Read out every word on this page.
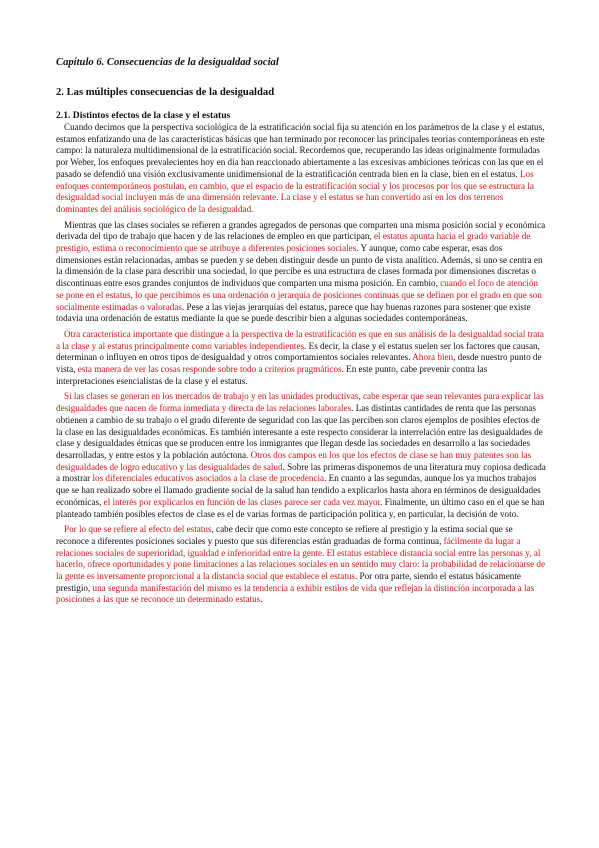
Capítulo 6. Consecuencias de la desigualdad social
2. Las múltiples consecuencias de la desigualdad
2.1. Distintos efectos de la clase y el estatus

Cuando decimos que la perspectiva sociológica de la estratificación social fija su atención en los parámetros de la clase y el estatus, estamos enfatizando una de las características básicas que han terminado por reconocer las principales teorías contemporáneas en este campo: la naturaleza multidimensional de la estratificación social. Recordemos que, recuperando las ideas originalmente formuladas por Weber, los enfoques prevalecientes hoy en día han reaccionado abiertamente a las excesivas ambiciones teóricas con las que en el pasado se defendió una visión exclusivamente unidimensional de la estratificación centrada bien en la clase, bien en el estatus. Los enfoques contemporáneos postulan, en cambio, que el espacio de la estratificación social y los procesos por los que se estructura la desigualdad social incluyen más de una dimensión relevante. La clase y el estatus se han convertido así en los dos terrenos dominantes del análisis sociológico de la desigualdad.

Mientras que las clases sociales se refieren a grandes agregados de personas que comparten una misma posición social y económica derivada del tipo de trabajo que hacen y de las relaciones de empleo en que participan, el estatus apunta hacia el grado variable de prestigio, estima o reconocimiento que se atribuye a diferentes posiciones sociales. Y aunque, como cabe esperar, esas dos dimensiones están relacionadas, ambas se pueden y se deben distinguir desde un punto de vista analítico. Además, si uno se centra en la dimensión de la clase para describir una sociedad, lo que percibe es una estructura de clases formada por dimensiones discretas o discontinuas entre esos grandes conjuntos de individuos que comparten una misma posición. En cambio, cuando el foco de atención se pone en el estatus, lo que percibimos es una ordenación o jerarquía de posiciones continuas que se definen por el grado en que son socialmente estimadas o valoradas. Pese a las viejas jerarquías del estatus, parece que hay buenas razones para sostener que existe todavía una ordenación de estatus mediante la que se puede describir bien a algunas sociedades contemporáneas.

Otra característica importante que distingue a la perspectiva de la estratificación es que en sus análisis de la desigualdad social trata a la clase y al estatus principalmente como variables independientes. Es decir, la clase y el estatus suelen ser los factores que causan, determinan o influyen en otros tipos de desigualdad y otros comportamientos sociales relevantes. Ahora bien, desde nuestro punto de vista, esta manera de ver las cosas responde sobre todo a criterios pragmáticos. En este punto, cabe prevenir contra las interpretaciones esencialistas de la clase y el estatus.

Si las clases se generan en los mercados de trabajo y en las unidades productivas, cabe esperar que sean relevantes para explicar las desigualdades que nacen de forma inmediata y directa de las relaciones laborales. Las distintas cantidades de renta que las personas obtienen a cambio de su trabajo o el grado diferente de seguridad con las que las perciben son claros ejemplos de posibles efectos de la clase en las desigualdades económicas. Es también interesante a este respecto considerar la interrelación entre las desigualdades de clase y desigualdades étnicas que se producen entre los inmigrantes que llegan desde las sociedades en desarrollo a las sociedades desarrolladas, y entre estos y la población autóctona. Otros dos campos en los que los efectos de clase se han muy patentes son las desigualdades de logro educativo y las desigualdades de salud. Sobre las primeras disponemos de una literatura muy copiosa dedicada a mostrar los diferenciales educativos asociados a la clase de procedencia. En cuanto a las segundas, aunque los ya muchos trabajos que se han realizado sobre el llamado gradiente social de la salud han tendido a explicarlos hasta ahora en términos de desigualdades económicas, el interés por explicarlos en función de las clases parece ser cada vez mayor. Finalmente, un último caso en el que se han planteado también posibles efectos de clase es el de varias formas de participación política y, en particular, la decisión de voto.

Por lo que se refiere al efecto del estatus, cabe decir que como este concepto se refiere al prestigio y la estima social que se reconoce a diferentes posiciones sociales y puesto que sus diferencias están graduadas de forma continua, fácilmente da lugar a relaciones sociales de superioridad, igualdad e inferioridad entre la gente. El estatus establece distancia social entre las personas y, al hacerlo, ofrece oportunidades y pone limitaciones a las relaciones sociales en un sentido muy claro: la probabilidad de relacionarse de la gente es inversamente proporcional a la distancia social que establece el estatus. Por otra parte, siendo el estatus básicamente prestigio, una segunda manifestación del mismo es la tendencia a exhibir estilos de vida que reflejan la distinción incorporada a las posiciones a las que se reconoce un determinado estatus.
